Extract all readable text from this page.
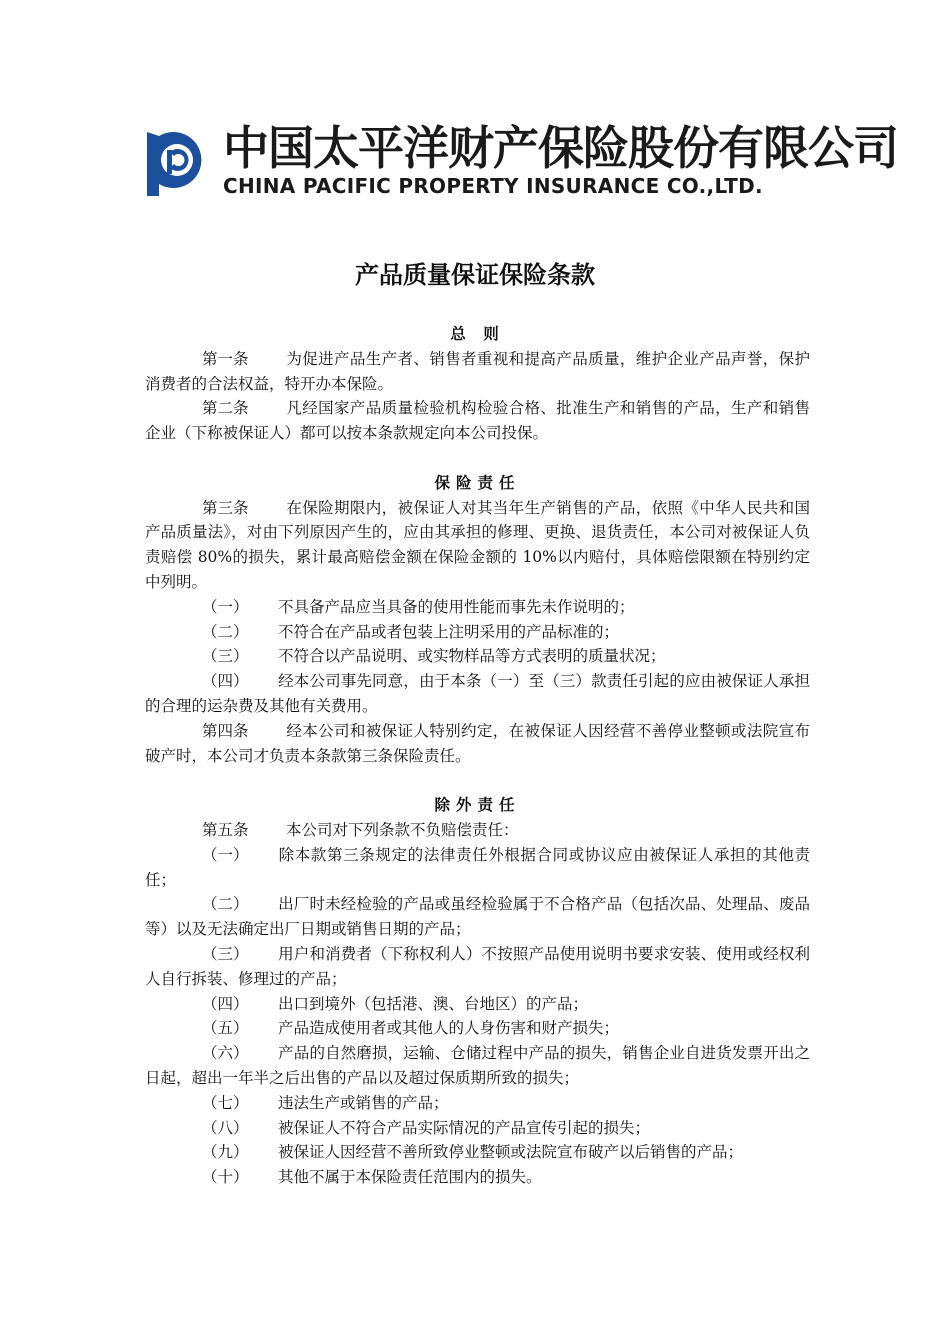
中国太平洋财产保险股份有限公司
CHINA PACIFIC PROPERTY INSURANCE CO.,LTD.
产品质量保证保险条款

总 则

第一条 为促进产品生产者、销售者重视和提高产品质量，维护企业产品声誉，保护消费者的合法权益，特开办本保险。

第二条 凡经国家产品质量检验机构检验合格、批准生产和销售的产品，生产和销售企业（下称被保证人）都可以按本条款规定向本公司投保。

保险责任

第三条 在保险期限内，被保证人对其当年生产销售的产品，依照《中华人民共和国产品质量法》，对由下列原因产生的，应由其承担的修理、更换、退货责任，本公司对被保证人负责赔偿 80%的损失，累计最高赔偿金额在保险金额的 10%以内赔付，具体赔偿限额在特别约定中列明。

（一） 不具备产品应当具备的使用性能而事先未作说明的；

（二） 不符合在产品或者包装上注明采用的产品标准的；

（三） 不符合以产品说明、或实物样品等方式表明的质量状况；

（四） 经本公司事先同意，由于本条（一）至（三）款责任引起的应由被保证人承担的合理的运杂费及其他有关费用。

第四条 经本公司和被保证人特别约定，在被保证人因经营不善停业整顿或法院宣布破产时，本公司才负责本条款第三条保险责任。

除外责任

第五条 本公司对下列条款不负赔偿责任：

（一） 除本款第三条规定的法律责任外根据合同或协议应由被保证人承担的其他责任；

（二） 出厂时未经检验的产品或虽经检验属于不合格产品（包括次品、处理品、废品等）以及无法确定出厂日期或销售日期的产品；

（三） 用户和消费者（下称权利人）不按照产品使用说明书要求安装、使用或经权利人自行拆装、修理过的产品；

（四） 出口到境外（包括港、澳、台地区）的产品；

（五） 产品造成使用者或其他人的人身伤害和财产损失；

（六） 产品的自然磨损，运输、仓储过程中产品的损失，销售企业自进货发票开出之日起，超出一年半之后出售的产品以及超过保质期所致的损失；

（七） 违法生产或销售的产品；

（八） 被保证人不符合产品实际情况的产品宣传引起的损失；

（九） 被保证人因经营不善所致停业整顿或法院宣布破产以后销售的产品；

（十） 其他不属于本保险责任范围内的损失。
